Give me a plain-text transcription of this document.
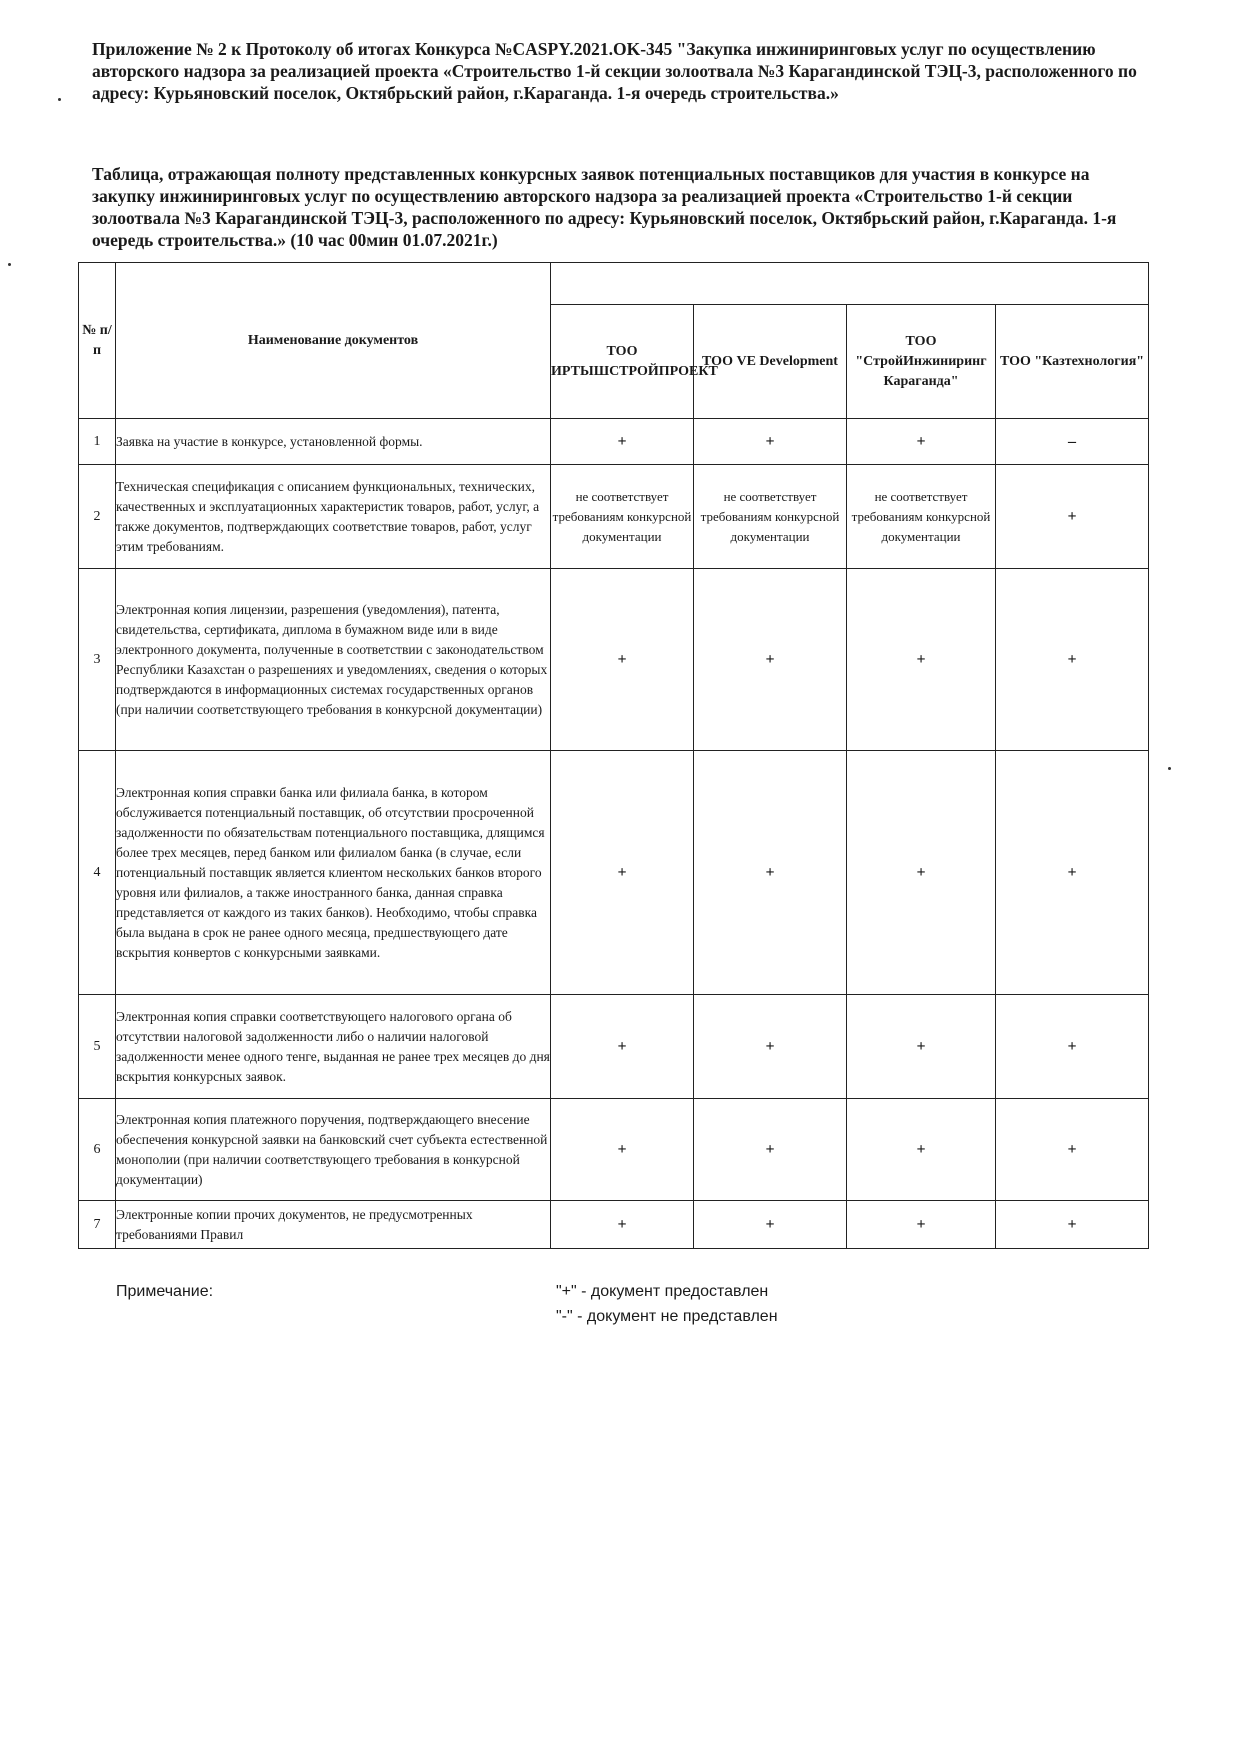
Приложение № 2 к Протоколу об итогах Конкурса №CASPY.2021.OK-345 "Закупка инжиниринговых услуг по осуществлению авторского надзора за реализацией проекта «Строительство 1-й секции золоотвала №3 Карагандинской ТЭЦ-3, расположенного по адресу: Курьяновский поселок, Октябрьский район, г.Караганда. 1-я очередь строительства.»
Таблица, отражающая полноту представленных конкурсных заявок потенциальных поставщиков для участия в конкурсе на закупку инжиниринговых услуг по осуществлению авторского надзора за реализацией проекта «Строительство 1-й секции золоотвала №3 Карагандинской ТЭЦ-3, расположенного по адресу: Курьяновский поселок, Октябрьский район, г.Караганда. 1-я очередь строительства.» (10 час 00мин 01.07.2021г.)
№ п/п	Наименование документов				
		ТОО ИРТЫШСТРОЙПРОЕКТ	ТОО VE Development	ТОО "СтройИнжиниринг Караганда"	ТОО "Казтехнология"
1	Заявка на участие в конкурсе, установленной формы.	+	+	+	–
2	Техническая спецификация с описанием функциональных, технических, качественных и эксплуатационных характеристик товаров, работ, услуг, а также документов, подтверждающих соответствие товаров, работ, услуг этим требованиям.	не соответствует требованиям конкурсной документации	не соответствует требованиям конкурсной документации	не соответствует требованиям конкурсной документации	+
3	Электронная копия лицензии, разрешения (уведомления), патента, свидетельства, сертификата, диплома в бумажном виде или в виде электронного документа, полученные в соответствии с законодательством Республики Казахстан о разрешениях и уведомлениях, сведения о которых подтверждаются в информационных системах государственных органов (при наличии соответствующего требования в конкурсной документации)	+	+	+	+
4	Электронная копия справки банка или филиала банка, в котором обслуживается потенциальный поставщик, об отсутствии просроченной задолженности по обязательствам потенциального поставщика, длящимся более трех месяцев, перед банком или филиалом банка (в случае, если потенциальный поставщик является клиентом нескольких банков второго уровня или филиалов, а также иностранного банка, данная справка представляется от каждого из таких банков). Необходимо, чтобы справка была выдана в срок не ранее одного месяца, предшествующего дате вскрытия конвертов с конкурсными заявками.	+	+	+	+
5	Электронная копия справки соответствующего налогового органа об отсутствии налоговой задолженности либо о наличии налоговой задолженности менее одного тенге, выданная не ранее трех месяцев до дня вскрытия конкурсных заявок.	+	+	+	+
6	Электронная копия платежного поручения, подтверждающего внесение обеспечения конкурсной заявки на банковский счет субъекта естественной монополии (при наличии соответствующего требования в конкурсной документации)	+	+	+	+
7	Электронные копии прочих документов, не предусмотренных требованиями Правил	+	+	+	+
Примечание:	"+" - документ предоставлен
"-" - документ не представлен
